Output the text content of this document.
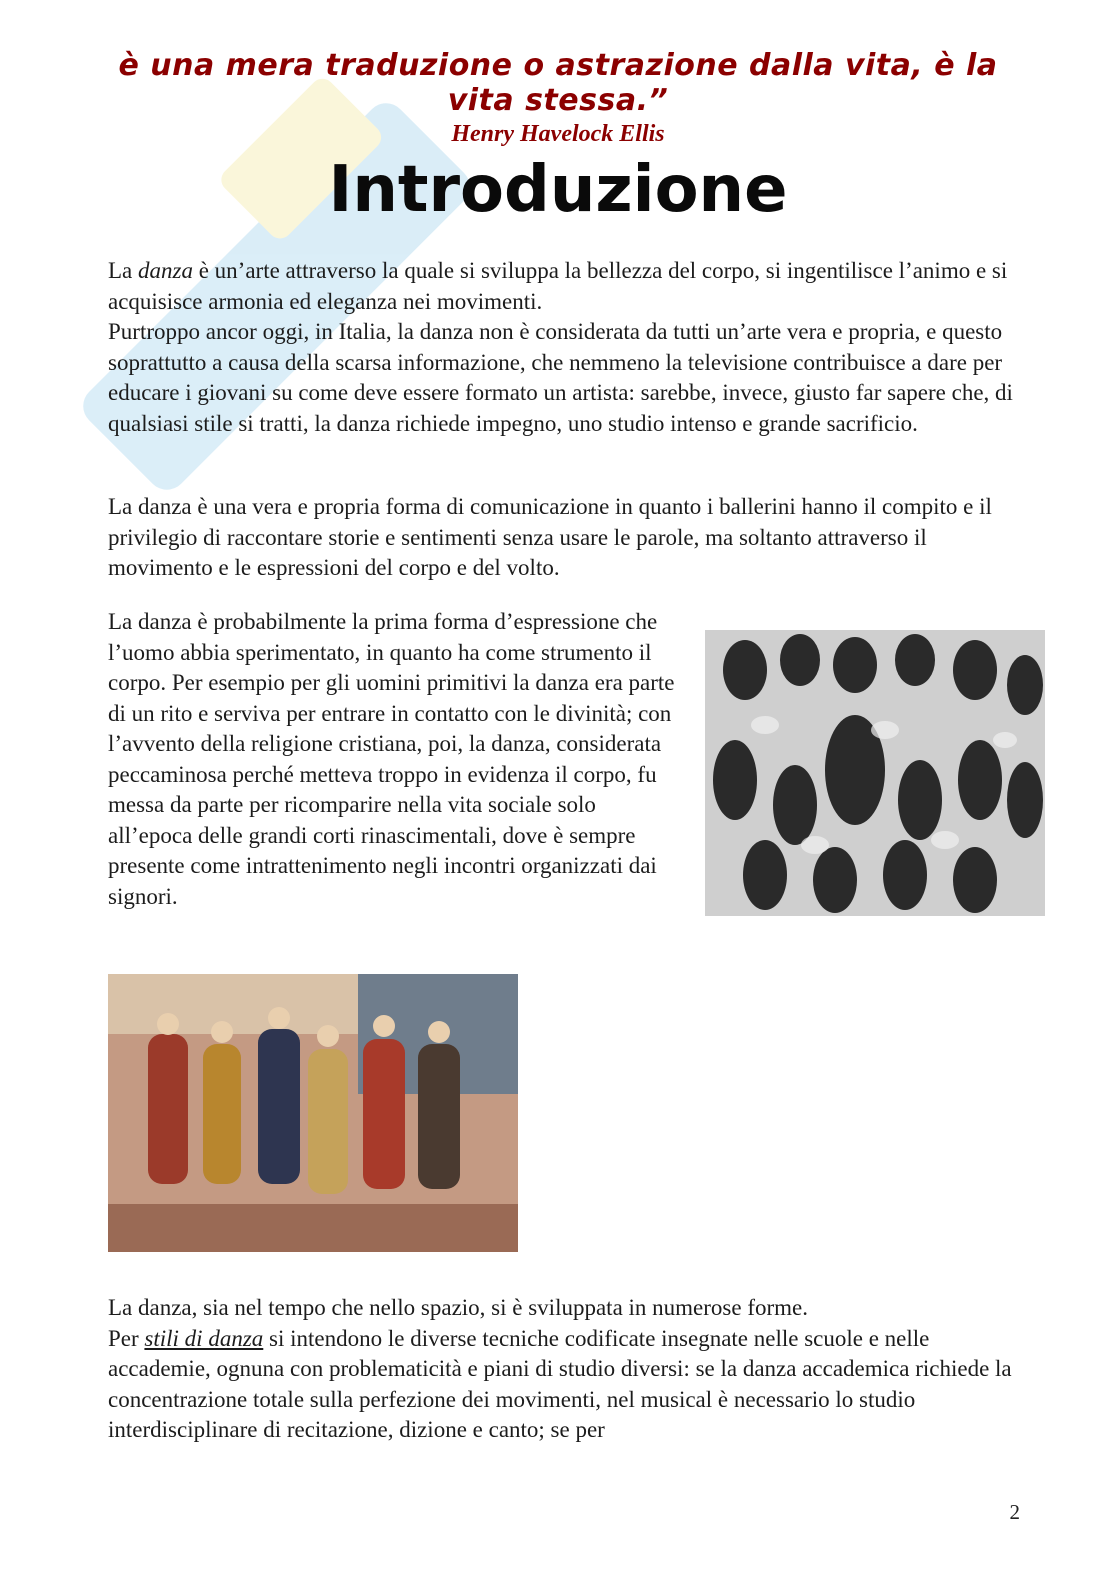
è una mera traduzione o astrazione dalla vita, è la
vita stessa.”
Henry Havelock Ellis
Introduzione
La danza è un’arte attraverso la quale si sviluppa la bellezza del corpo, si ingentilisce l’animo e si acquisisce armonia ed eleganza nei movimenti.
Purtroppo ancor oggi, in Italia, la danza non è considerata da tutti un’arte vera e propria, e questo soprattutto a causa della scarsa informazione, che nemmeno la televisione contribuisce a dare per educare i giovani su come deve essere formato un artista: sarebbe, invece, giusto far sapere che, di qualsiasi stile si tratti, la danza richiede impegno, uno studio intenso e grande sacrificio.

La danza è una vera e propria forma di comunicazione in quanto i ballerini hanno il compito e il privilegio di raccontare storie e sentimenti senza usare le parole, ma soltanto attraverso il movimento e le espressioni del corpo e del volto.

La danza è probabilmente la prima forma d’espressione che l’uomo abbia sperimentato, in quanto ha come strumento il corpo. Per esempio per gli uomini primitivi la danza era parte di un rito e serviva per entrare in contatto con le divinità; con l’avvento della religione cristiana, poi, la danza, considerata peccaminosa perché metteva troppo in evidenza il corpo, fu messa da parte per ricomparire nella vita sociale solo all’epoca delle grandi corti rinascimentali, dove è sempre presente come intrattenimento negli incontri organizzati dai signori.

La danza, sia nel tempo che nello spazio, si è sviluppata in numerose forme.
Per stili di danza si intendono le diverse tecniche codificate insegnate nelle scuole e nelle accademie, ognuna con problematicità e piani di studio diversi: se la danza accademica richiede la concentrazione totale sulla perfezione dei movimenti, nel musical è necessario lo studio interdisciplinare di recitazione, dizione e canto; se per
2
